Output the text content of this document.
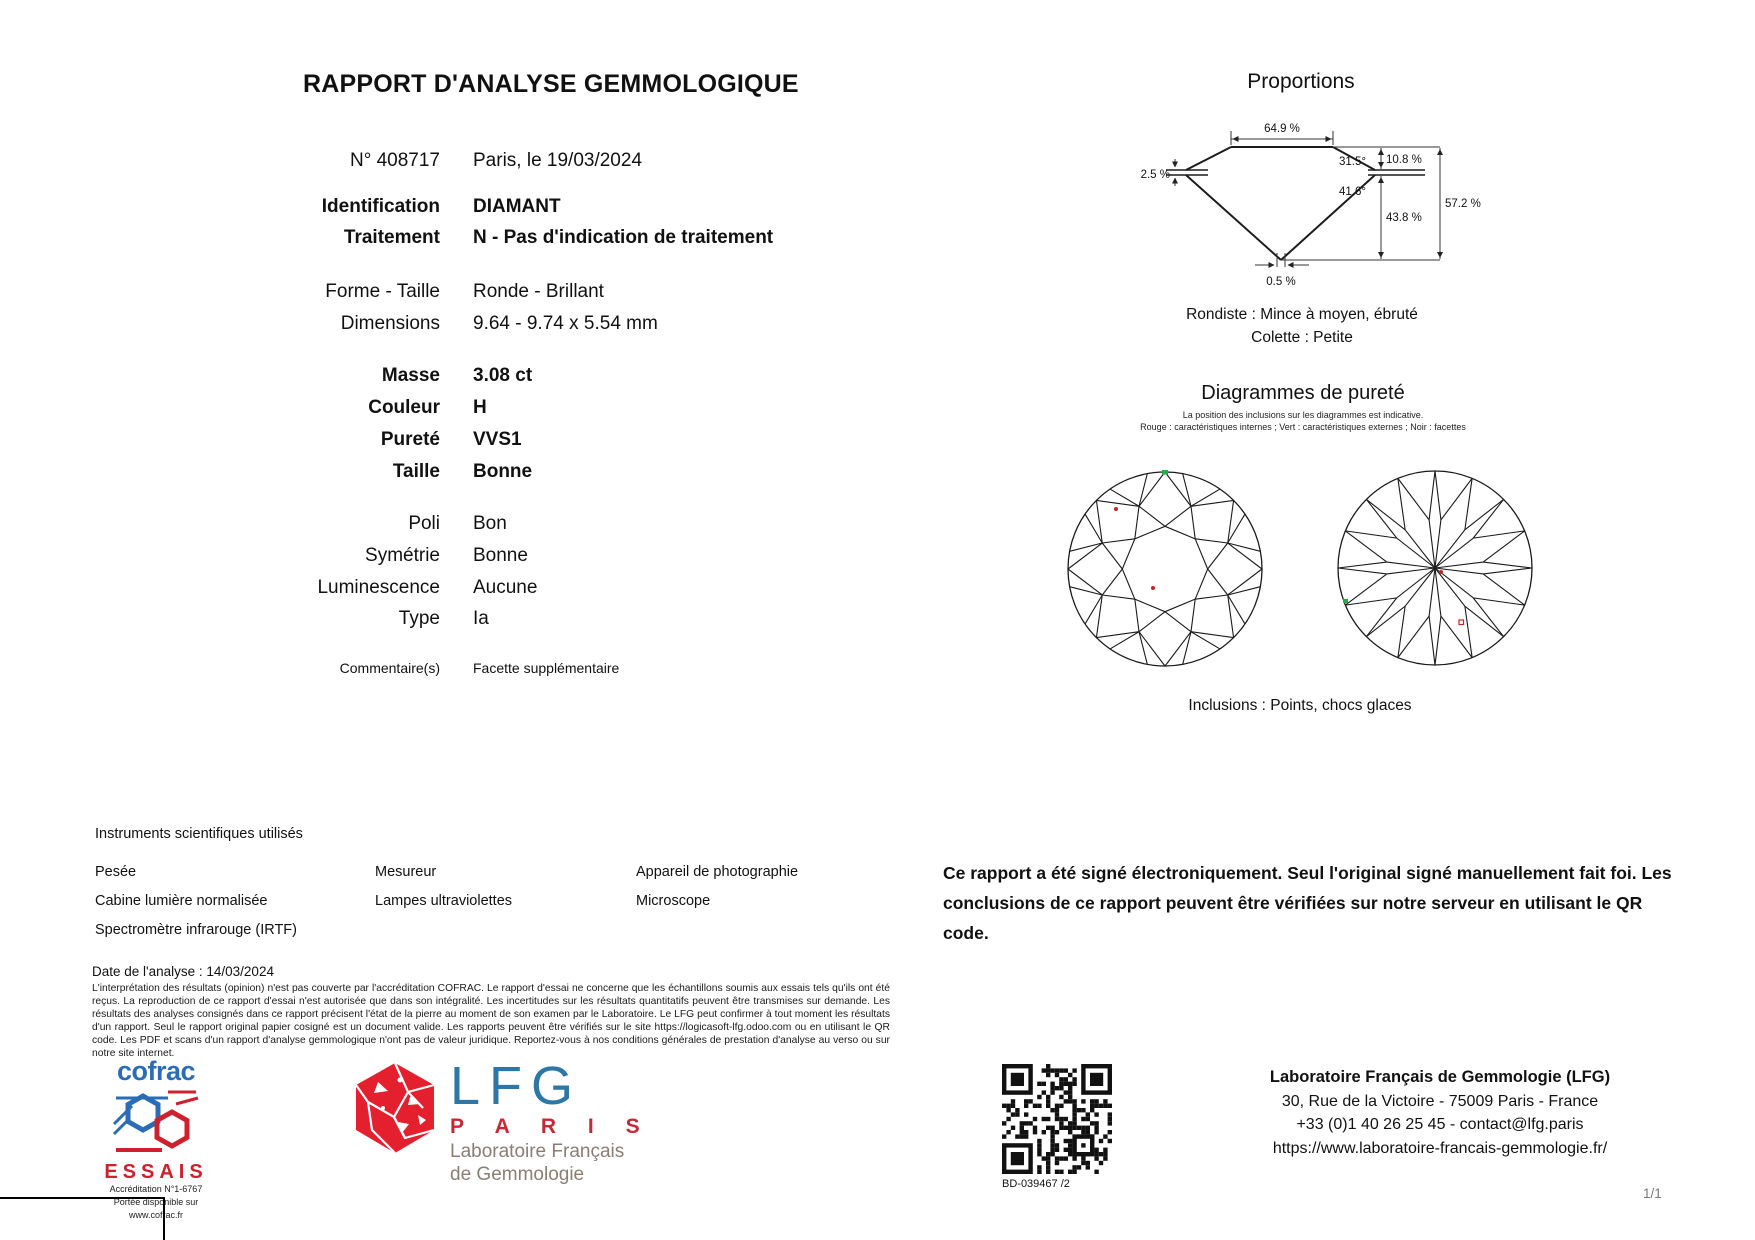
RAPPORT D'ANALYSE GEMMOLOGIQUE
N° 408717 Paris, le 19/03/2024
Identification DIAMANT
Traitement N - Pas d'indication de traitement
Forme - Taille Ronde - Brillant
Dimensions 9.64 - 9.74 x 5.54 mm
Masse 3.08 ct
Couleur H
Pureté VVS1
Taille Bonne
Poli Bon
Symétrie Bonne
Luminescence Aucune
Type Ia
Commentaire(s) Facette supplémentaire
Proportions
64.9 %
2.5 %
31.5°
41.6°
10.8 %
43.8 %
57.2 %
0.5 %
Rondiste : Mince à moyen, ébruté
Colette : Petite
Diagrammes de pureté
La position des inclusions sur les diagrammes est indicative.
Rouge : caractéristiques internes ; Vert : caractéristiques externes ; Noir : facettes
Inclusions : Points, chocs glaces
Instruments scientifiques utilisés
Pesée
Cabine lumière normalisée
Spectromètre infrarouge (IRTF)
Mesureur
Lampes ultraviolettes
Appareil de photographie
Microscope
Ce rapport a été signé électroniquement. Seul l'original signé manuellement fait foi. Les conclusions de ce rapport peuvent être vérifiées sur notre serveur en utilisant le QR code.
Date de l'analyse : 14/03/2024
L'interprétation des résultats (opinion) n'est pas couverte par l'accréditation COFRAC. Le rapport d'essai ne concerne que les échantillons soumis aux essais tels qu'ils ont été reçus. La reproduction de ce rapport d'essai n'est autorisée que dans son intégralité. Les incertitudes sur les résultats quantitatifs peuvent être transmises sur demande. Les résultats des analyses consignés dans ce rapport précisent l'état de la pierre au moment de son examen par le Laboratoire. Le LFG peut confirmer à tout moment les résultats d'un rapport. Seul le rapport original papier cosigné est un document valide. Les rapports peuvent être vérifiés sur le site https://logicasoft-lfg.odoo.com ou en utilisant le QR code. Les PDF et scans d'un rapport d'analyse gemmologique n'ont pas de valeur juridique. Reportez-vous à nos conditions générales de prestation d'analyse au verso ou sur notre site internet.
cofrac
ESSAIS
Accréditation N°1-6767
Portée disponible sur
www.cofrac.fr
LFG
P A R I S
Laboratoire Français
de Gemmologie	BD-039467 /2
Laboratoire Français de Gemmologie (LFG)
30, Rue de la Victoire - 75009 Paris - France
+33 (0)1 40 26 25 45 - contact@lfg.paris
https://www.laboratoire-francais-gemmologie.fr/
1/1
